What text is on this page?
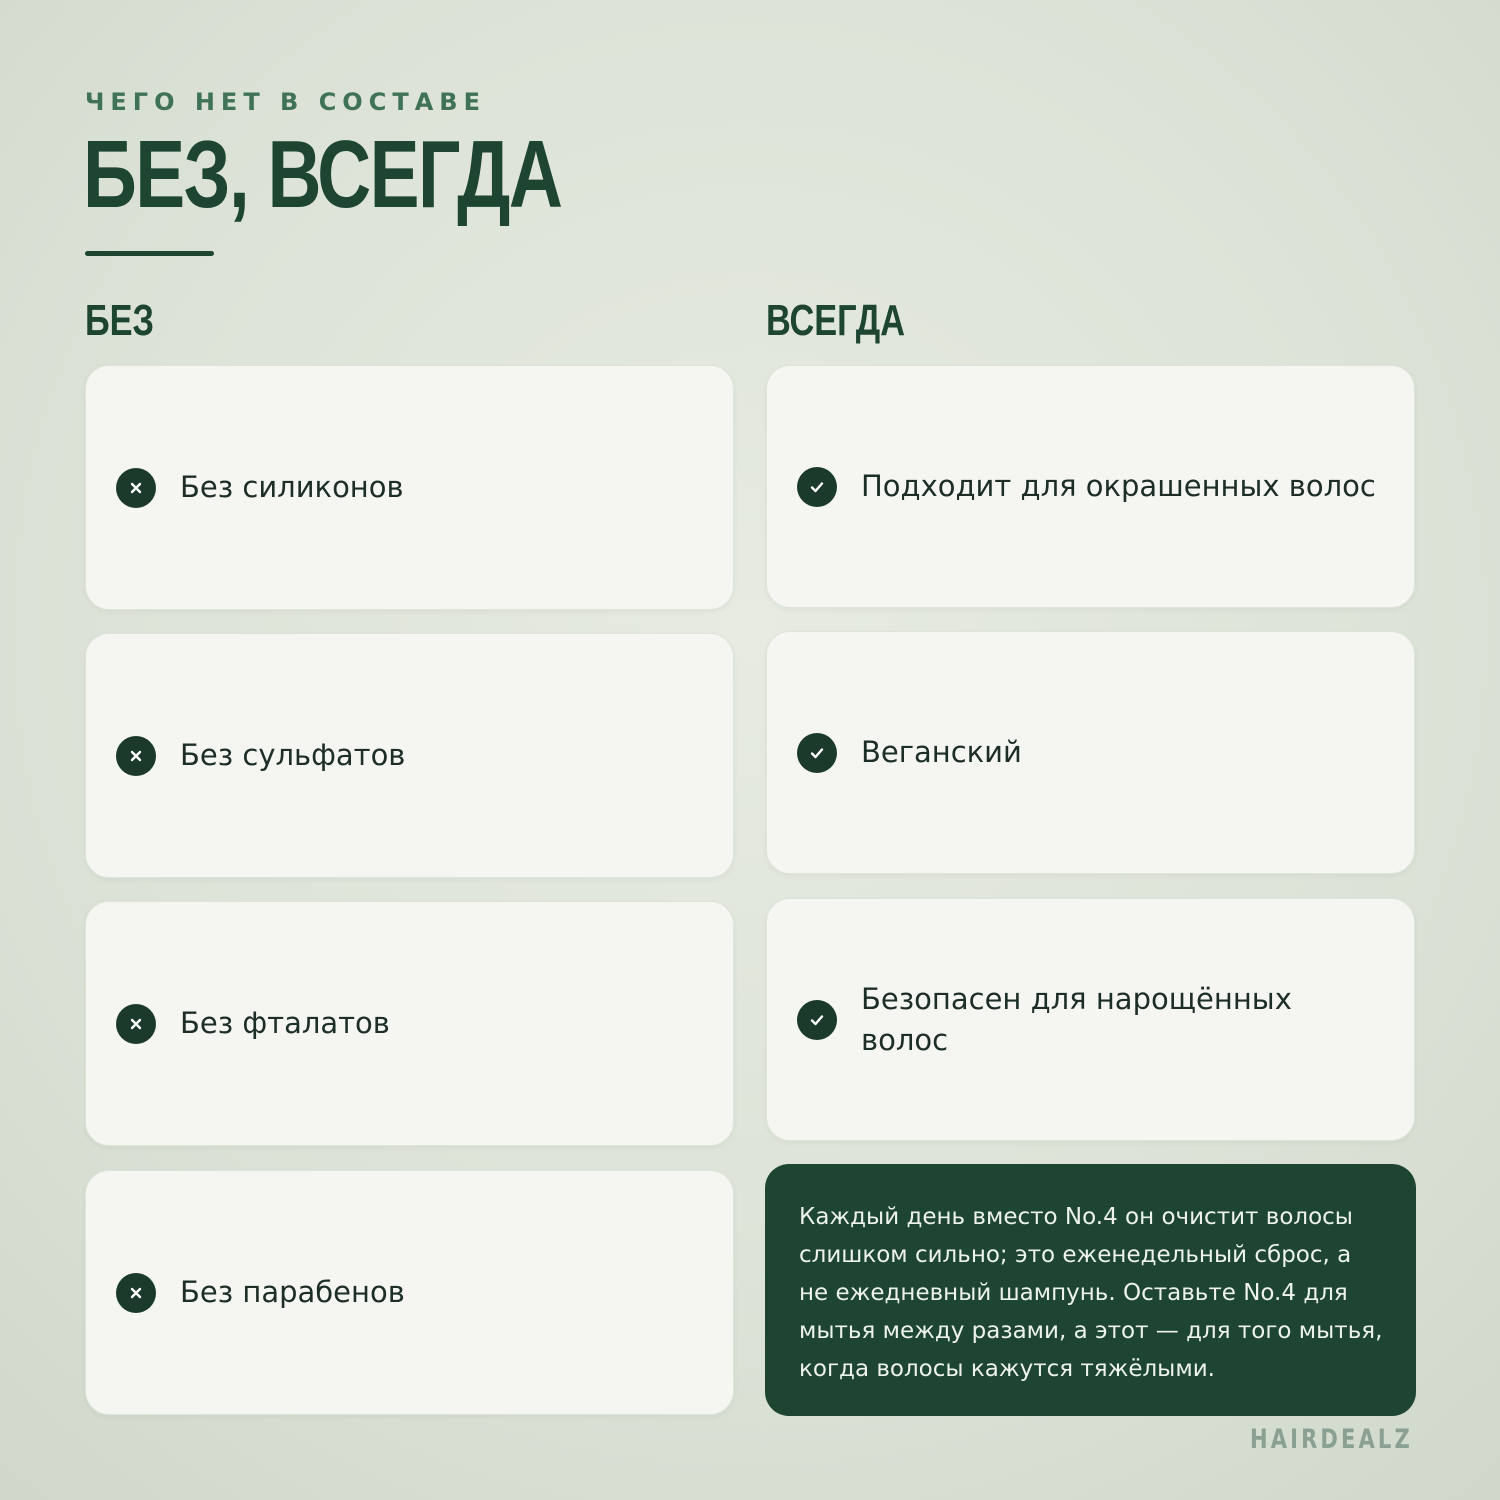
ЧЕГО НЕТ В СОСТАВЕ
БЕЗ, ВСЕГДА
БЕЗ	ВСЕГДА
Без силиконов
Без сульфатов
Без фталатов
Без парабенов
Подходит для окрашенных волос
Веганский
Безопасен для нарощённых волос
Каждый день вместо No.4 он очистит волосы слишком сильно; это еженедельный сброс, а не ежедневный шампунь. Оставьте No.4 для мытья между разами, а этот — для того мытья, когда волосы кажутся тяжёлыми.
HAIRDEALZ
